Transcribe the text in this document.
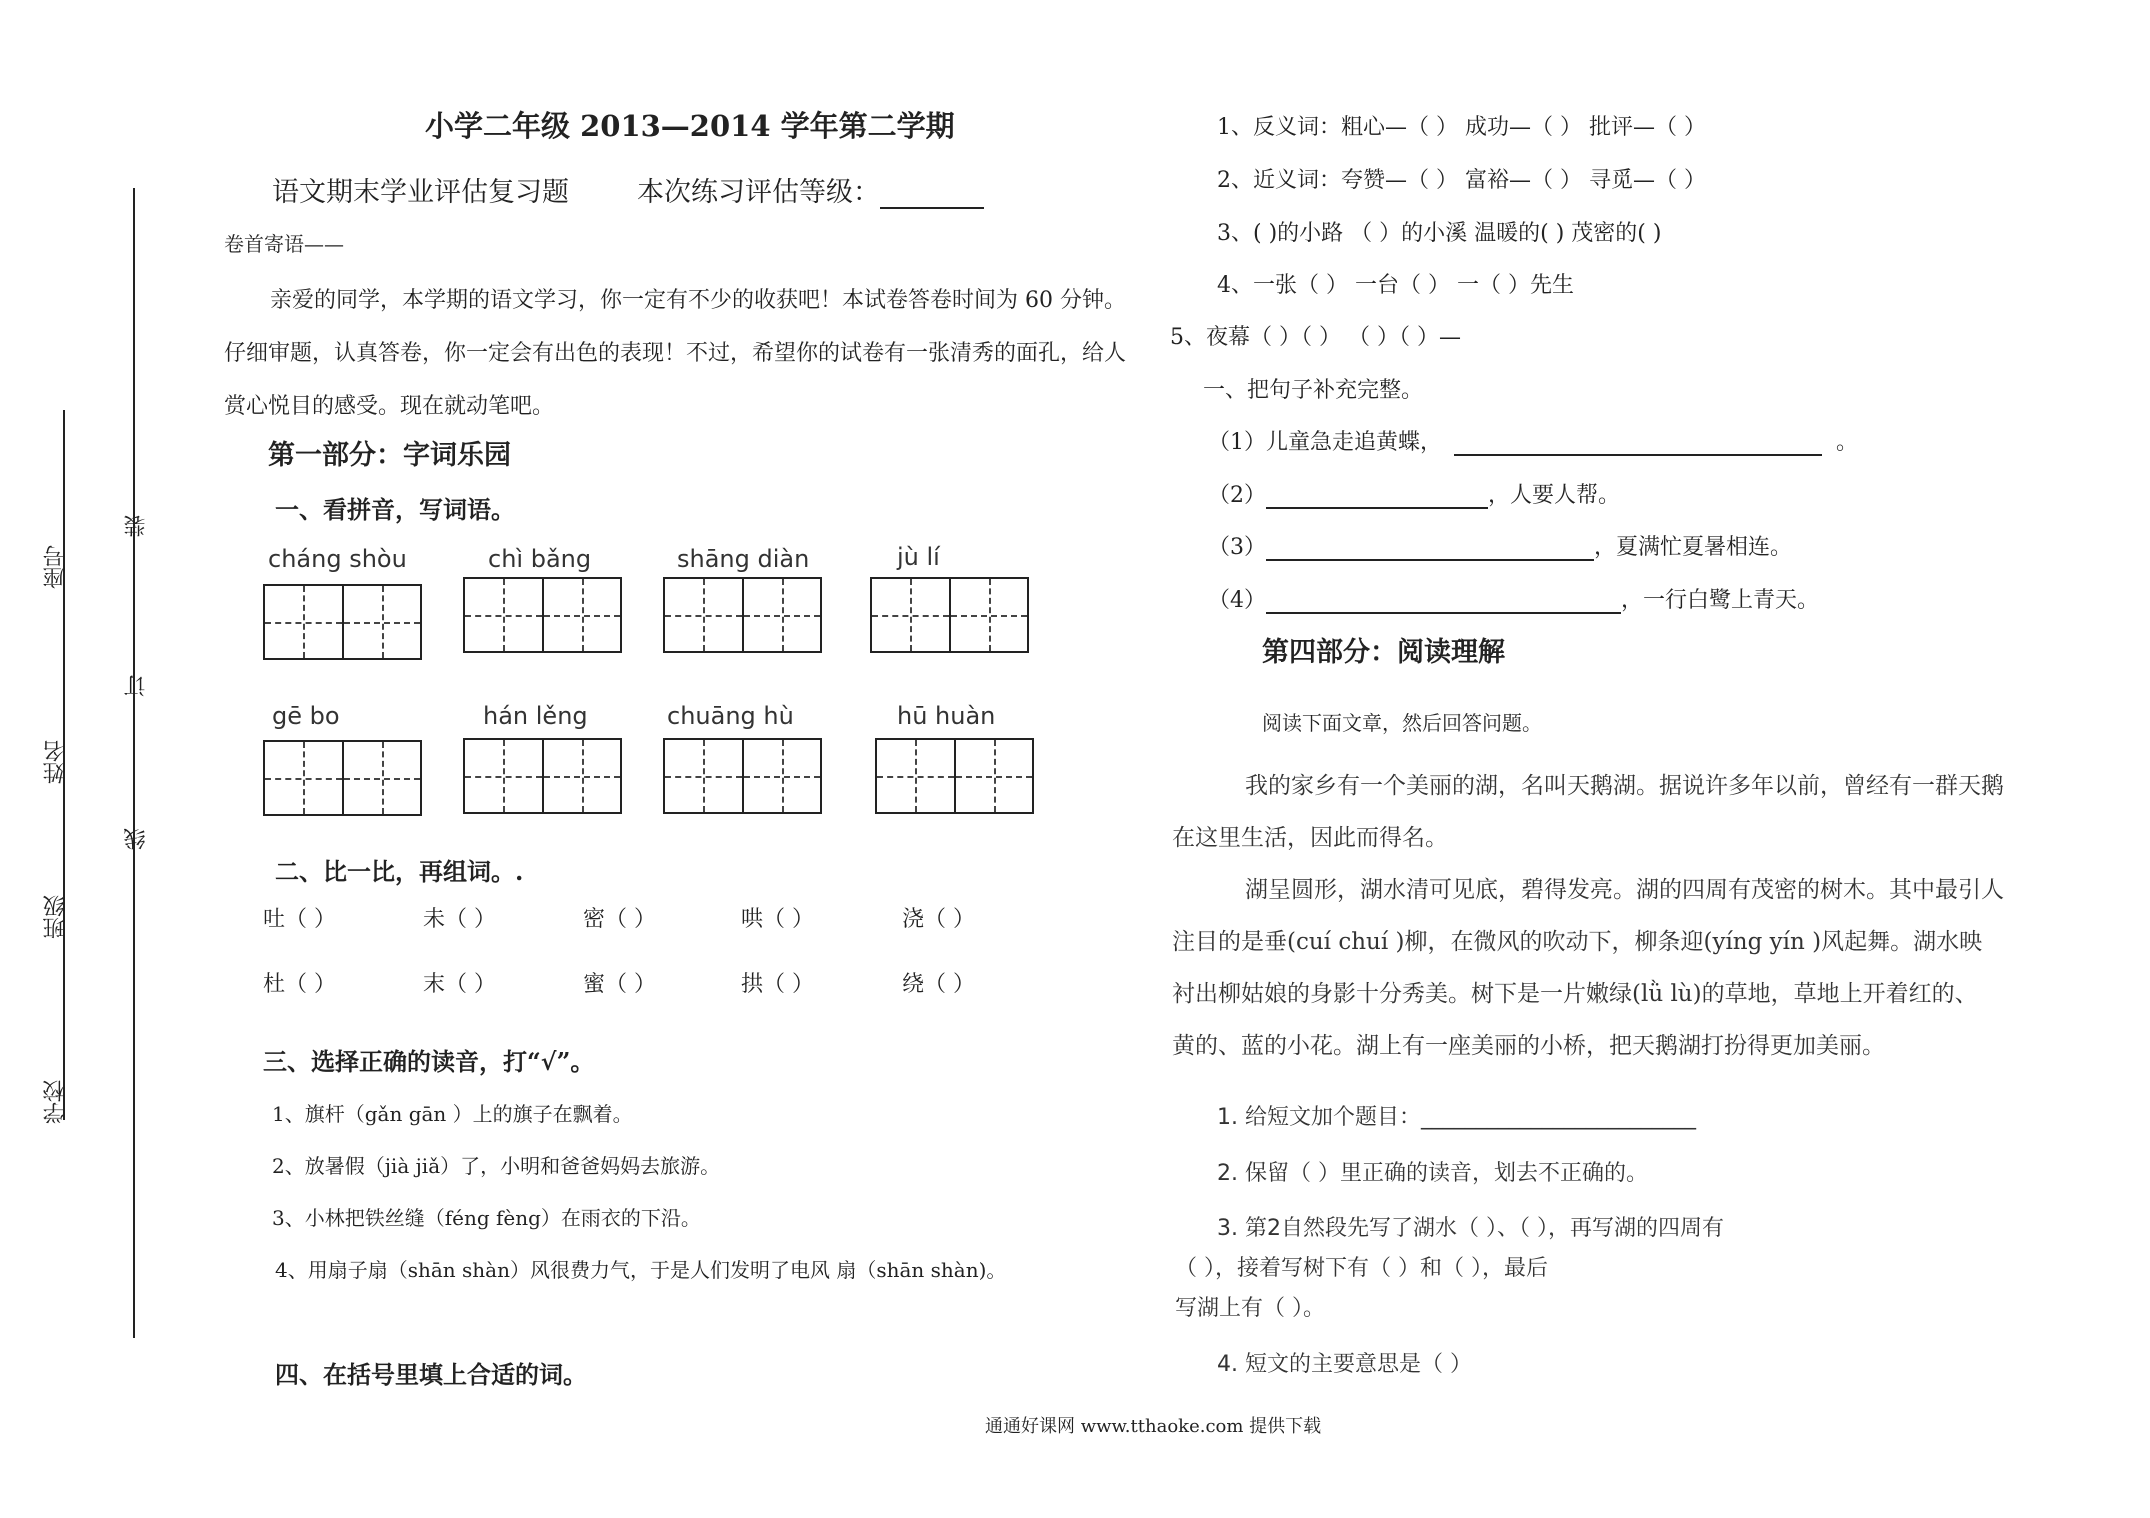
装
订
线
座号
姓名
班级
学校
小学二年级 2013—2014 学年第二学期
语文期末学业评估复习题	本次练习评估等级：
卷首寄语——
亲爱的同学，本学期的语文学习，你一定有不少的收获吧！本试卷答卷时间为 60 分钟。
仔细审题，认真答卷，你一定会有出色的表现！不过，希望你的试卷有一张清秀的面孔，给人
赏心悦目的感受。现在就动笔吧。
第一部分：字词乐园
一、看拼音，写词语。
cháng shòu	chì bǎng	shāng diàn	jù lí
gē bo	hán lěng	chuāng hù	hū huàn
二、比一比，再组词。.
吐（ ）	未（ ）	密（ ）	哄（ ）	浇（ ）
杜（ ）	末（ ）	蜜（ ）	拱（ ）	绕（ ）
三、选择正确的读音，打“√”。
1、旗杆（gǎn gān ）上的旗子在飘着。
2、放暑假（jià jiǎ）了，小明和爸爸妈妈去旅游。
3、小林把铁丝缝（féng fèng）在雨衣的下沿。
4、用扇子扇（shān shàn）风很费力气，于是人们发明了电风 扇（shān shàn)。
四、在括号里填上合适的词。
1、反义词：粗心—（ ） 成功—（ ） 批评—（ ）
2、近义词：夸赞—（ ） 富裕—（ ） 寻觅—（ ）
3、( )的小路 （ ）的小溪 温暖的( ) 茂密的( )
4、一张（ ） 一台（ ） 一（ ）先生
5、夜幕（ ）（ ） （ ）（ ）—
一、把句子补充完整。
（1）儿童急走追黄蝶，	。
（2）	，人要人帮。
（3）	，夏满忙夏暑相连。
（4）	，一行白鹭上青天。
第四部分：阅读理解
阅读下面文章，然后回答问题。
我的家乡有一个美丽的湖，名叫天鹅湖。据说许多年以前，曾经有一群天鹅
在这里生活，因此而得名。
湖呈圆形，湖水清可见底，碧得发亮。湖的四周有茂密的树木。其中最引人
注目的是垂(cuí chuí )柳，在微风的吹动下，柳条迎(yíng yín )风起舞。湖水映
衬出柳姑娘的身影十分秀美。树下是一片嫩绿(lǜ lù)的草地，草地上开着红的、
黄的、蓝的小花。湖上有一座美丽的小桥，把天鹅湖打扮得更加美丽。
1. 给短文加个题目：_________________________
2. 保留（ ）里正确的读音，划去不正确的。
3. 第2自然段先写了湖水（ ）、（ ），再写湖的四周有
（ ），接着写树下有（ ）和（ ），最后
写湖上有（ ）。
4. 短文的主要意思是（ ）
通通好课网 www.tthaoke.com 提供下载
